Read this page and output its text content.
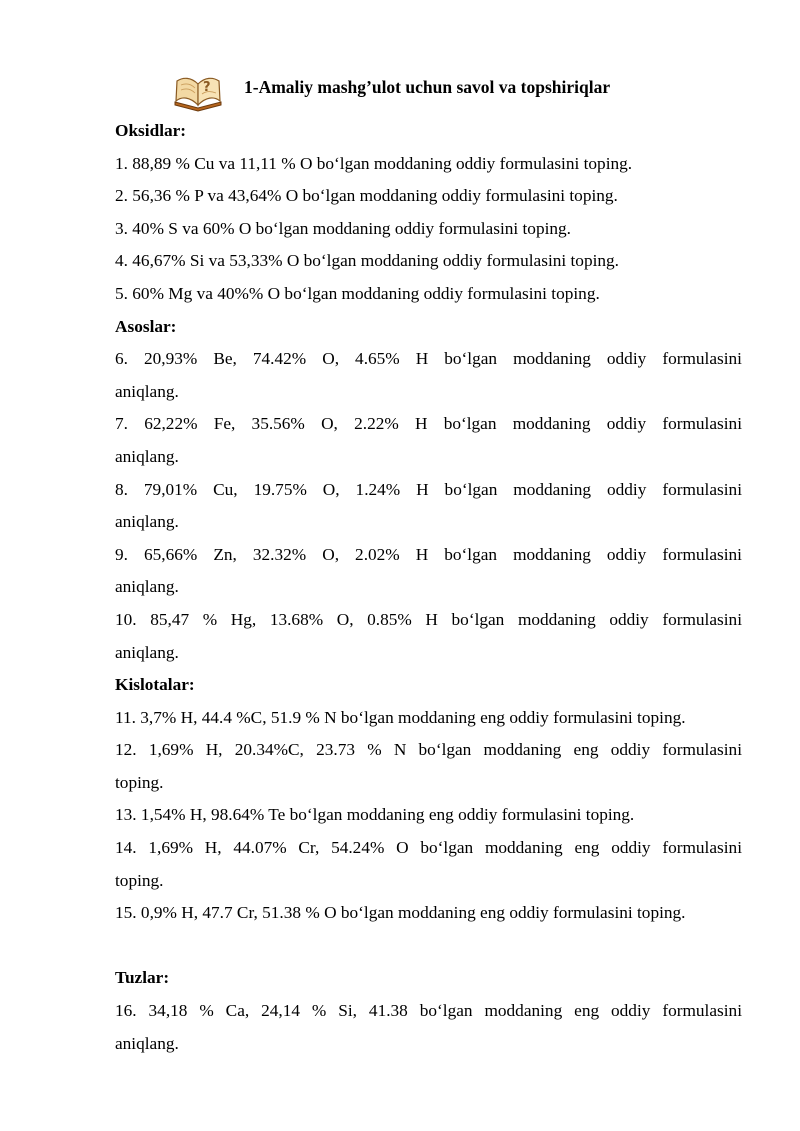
? 1-Amaliy mashg’ulot uchun savol va topshiriqlar
Oksidlar:
1. 88,89 % Cu va 11,11 % O bo‘lgan moddaning oddiy formulasini toping.
2. 56,36 % P va 43,64% O bo‘lgan moddaning oddiy formulasini toping.
3. 40% S va 60% O bo‘lgan moddaning oddiy formulasini toping.
4. 46,67% Si va 53,33% O bo‘lgan moddaning oddiy formulasini toping.
5. 60% Mg va 40%% O bo‘lgan moddaning oddiy formulasini toping.
Asoslar:
6. 20,93% Be, 74.42% O, 4.65% H bo‘lgan moddaning oddiy formulasini
aniqlang.
7. 62,22% Fe, 35.56% O, 2.22% H bo‘lgan moddaning oddiy formulasini
aniqlang.
8. 79,01% Cu, 19.75% O, 1.24% H bo‘lgan moddaning oddiy formulasini
aniqlang.
9. 65,66% Zn, 32.32% O, 2.02% H bo‘lgan moddaning oddiy formulasini
aniqlang.
10. 85,47 % Hg, 13.68% O, 0.85% H bo‘lgan moddaning oddiy formulasini
aniqlang.
Kislotalar:
11. 3,7% H, 44.4 %C, 51.9 % N bo‘lgan moddaning eng oddiy formulasini toping.
12. 1,69% H, 20.34%C, 23.73 % N bo‘lgan moddaning eng oddiy formulasini
toping.
13. 1,54% H, 98.64% Te bo‘lgan moddaning eng oddiy formulasini toping.
14. 1,69% H, 44.07% Cr, 54.24% O bo‘lgan moddaning eng oddiy formulasini
toping.
15. 0,9% H, 47.7 Cr, 51.38 % O bo‘lgan moddaning eng oddiy formulasini toping.
Tuzlar:
16. 34,18 % Ca, 24,14 % Si, 41.38 bo‘lgan moddaning eng oddiy formulasini
aniqlang.
